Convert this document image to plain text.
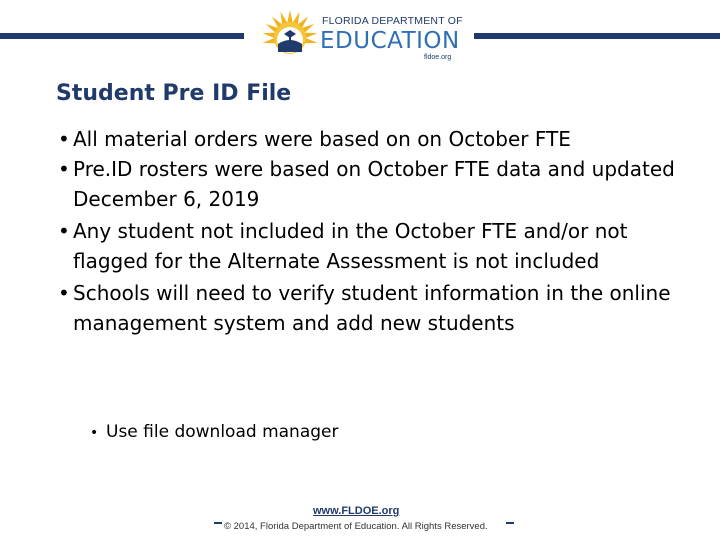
FLORIDA DEPARTMENT OF
EDUCATION
fldoe.org
Student Pre ID File
• All material orders were based on on October FTE
• Pre.ID rosters were based on October FTE data and updated December 6, 2019
• Any student not included in the October FTE and/or not flagged for the Alternate Assessment is not included
• Schools will need to verify student information in the online management system and add new students
• Use file download manager
www.FLDOE.org
© 2014, Florida Department of Education. All Rights Reserved.
